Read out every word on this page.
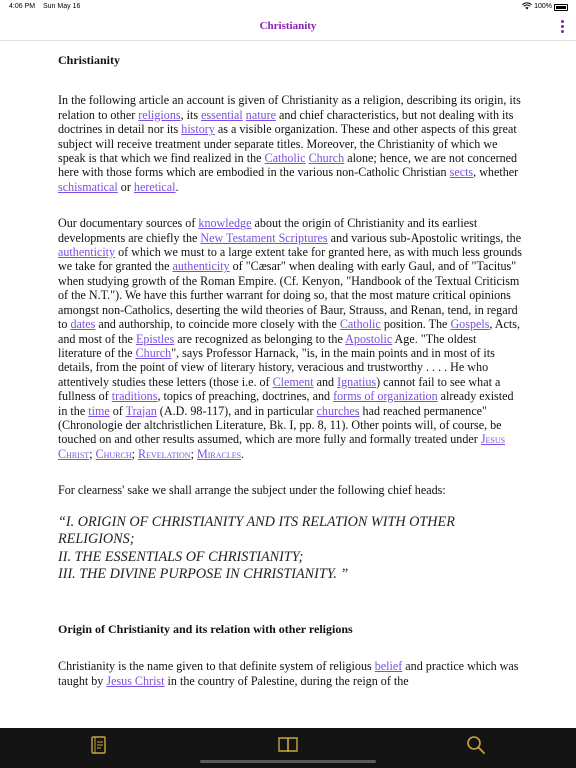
4:06 PM Sun May 16	100%
Christianity
Christianity

In the following article an account is given of Christianity as a religion, describing its origin, its relation to other religions, its essential nature and chief characteristics, but not dealing with its doctrines in detail nor its history as a visible organization. These and other aspects of this great subject will receive treatment under separate titles. Moreover, the Christianity of which we speak is that which we find realized in the Catholic Church alone; hence, we are not concerned here with those forms which are embodied in the various non-Catholic Christian sects, whether schismatical or heretical.

Our documentary sources of knowledge about the origin of Christianity and its earliest developments are chiefly the New Testament Scriptures and various sub-Apostolic writings, the authenticity of which we must to a large extent take for granted here, as with much less grounds we take for granted the authenticity of "Cæsar" when dealing with early Gaul, and of "Tacitus" when studying growth of the Roman Empire. (Cf. Kenyon, "Handbook of the Textual Criticism of the N.T."). We have this further warrant for doing so, that the most mature critical opinions amongst non-Catholics, deserting the wild theories of Baur, Strauss, and Renan, tend, in regard to dates and authorship, to coincide more closely with the Catholic position. The Gospels, Acts, and most of the Epistles are recognized as belonging to the Apostolic Age. "The oldest literature of the Church", says Professor Harnack, "is, in the main points and in most of its details, from the point of view of literary history, veracious and trustworthy . . . . He who attentively studies these letters (those i.e. of Clement and Ignatius) cannot fail to see what a fullness of traditions, topics of preaching, doctrines, and forms of organization already existed in the time of Trajan (A.D. 98-117), and in particular churches had reached permanence" (Chronologie der altchristlichen Literature, Bk. I, pp. 8, 11). Other points will, of course, be touched on and other results assumed, which are more fully and formally treated under Jesus Christ; Church; Revelation; Miracles.

For clearness' sake we shall arrange the subject under the following chief heads:

“I. ORIGIN OF CHRISTIANITY AND ITS RELATION WITH OTHER RELIGIONS;
II. THE ESSENTIALS OF CHRISTIANITY;
III. THE DIVINE PURPOSE IN CHRISTIANITY. ”
Origin of Christianity and its relation with other religions

Christianity is the name given to that definite system of religious belief and practice which was taught by Jesus Christ in the country of Palestine, during the reign of the
